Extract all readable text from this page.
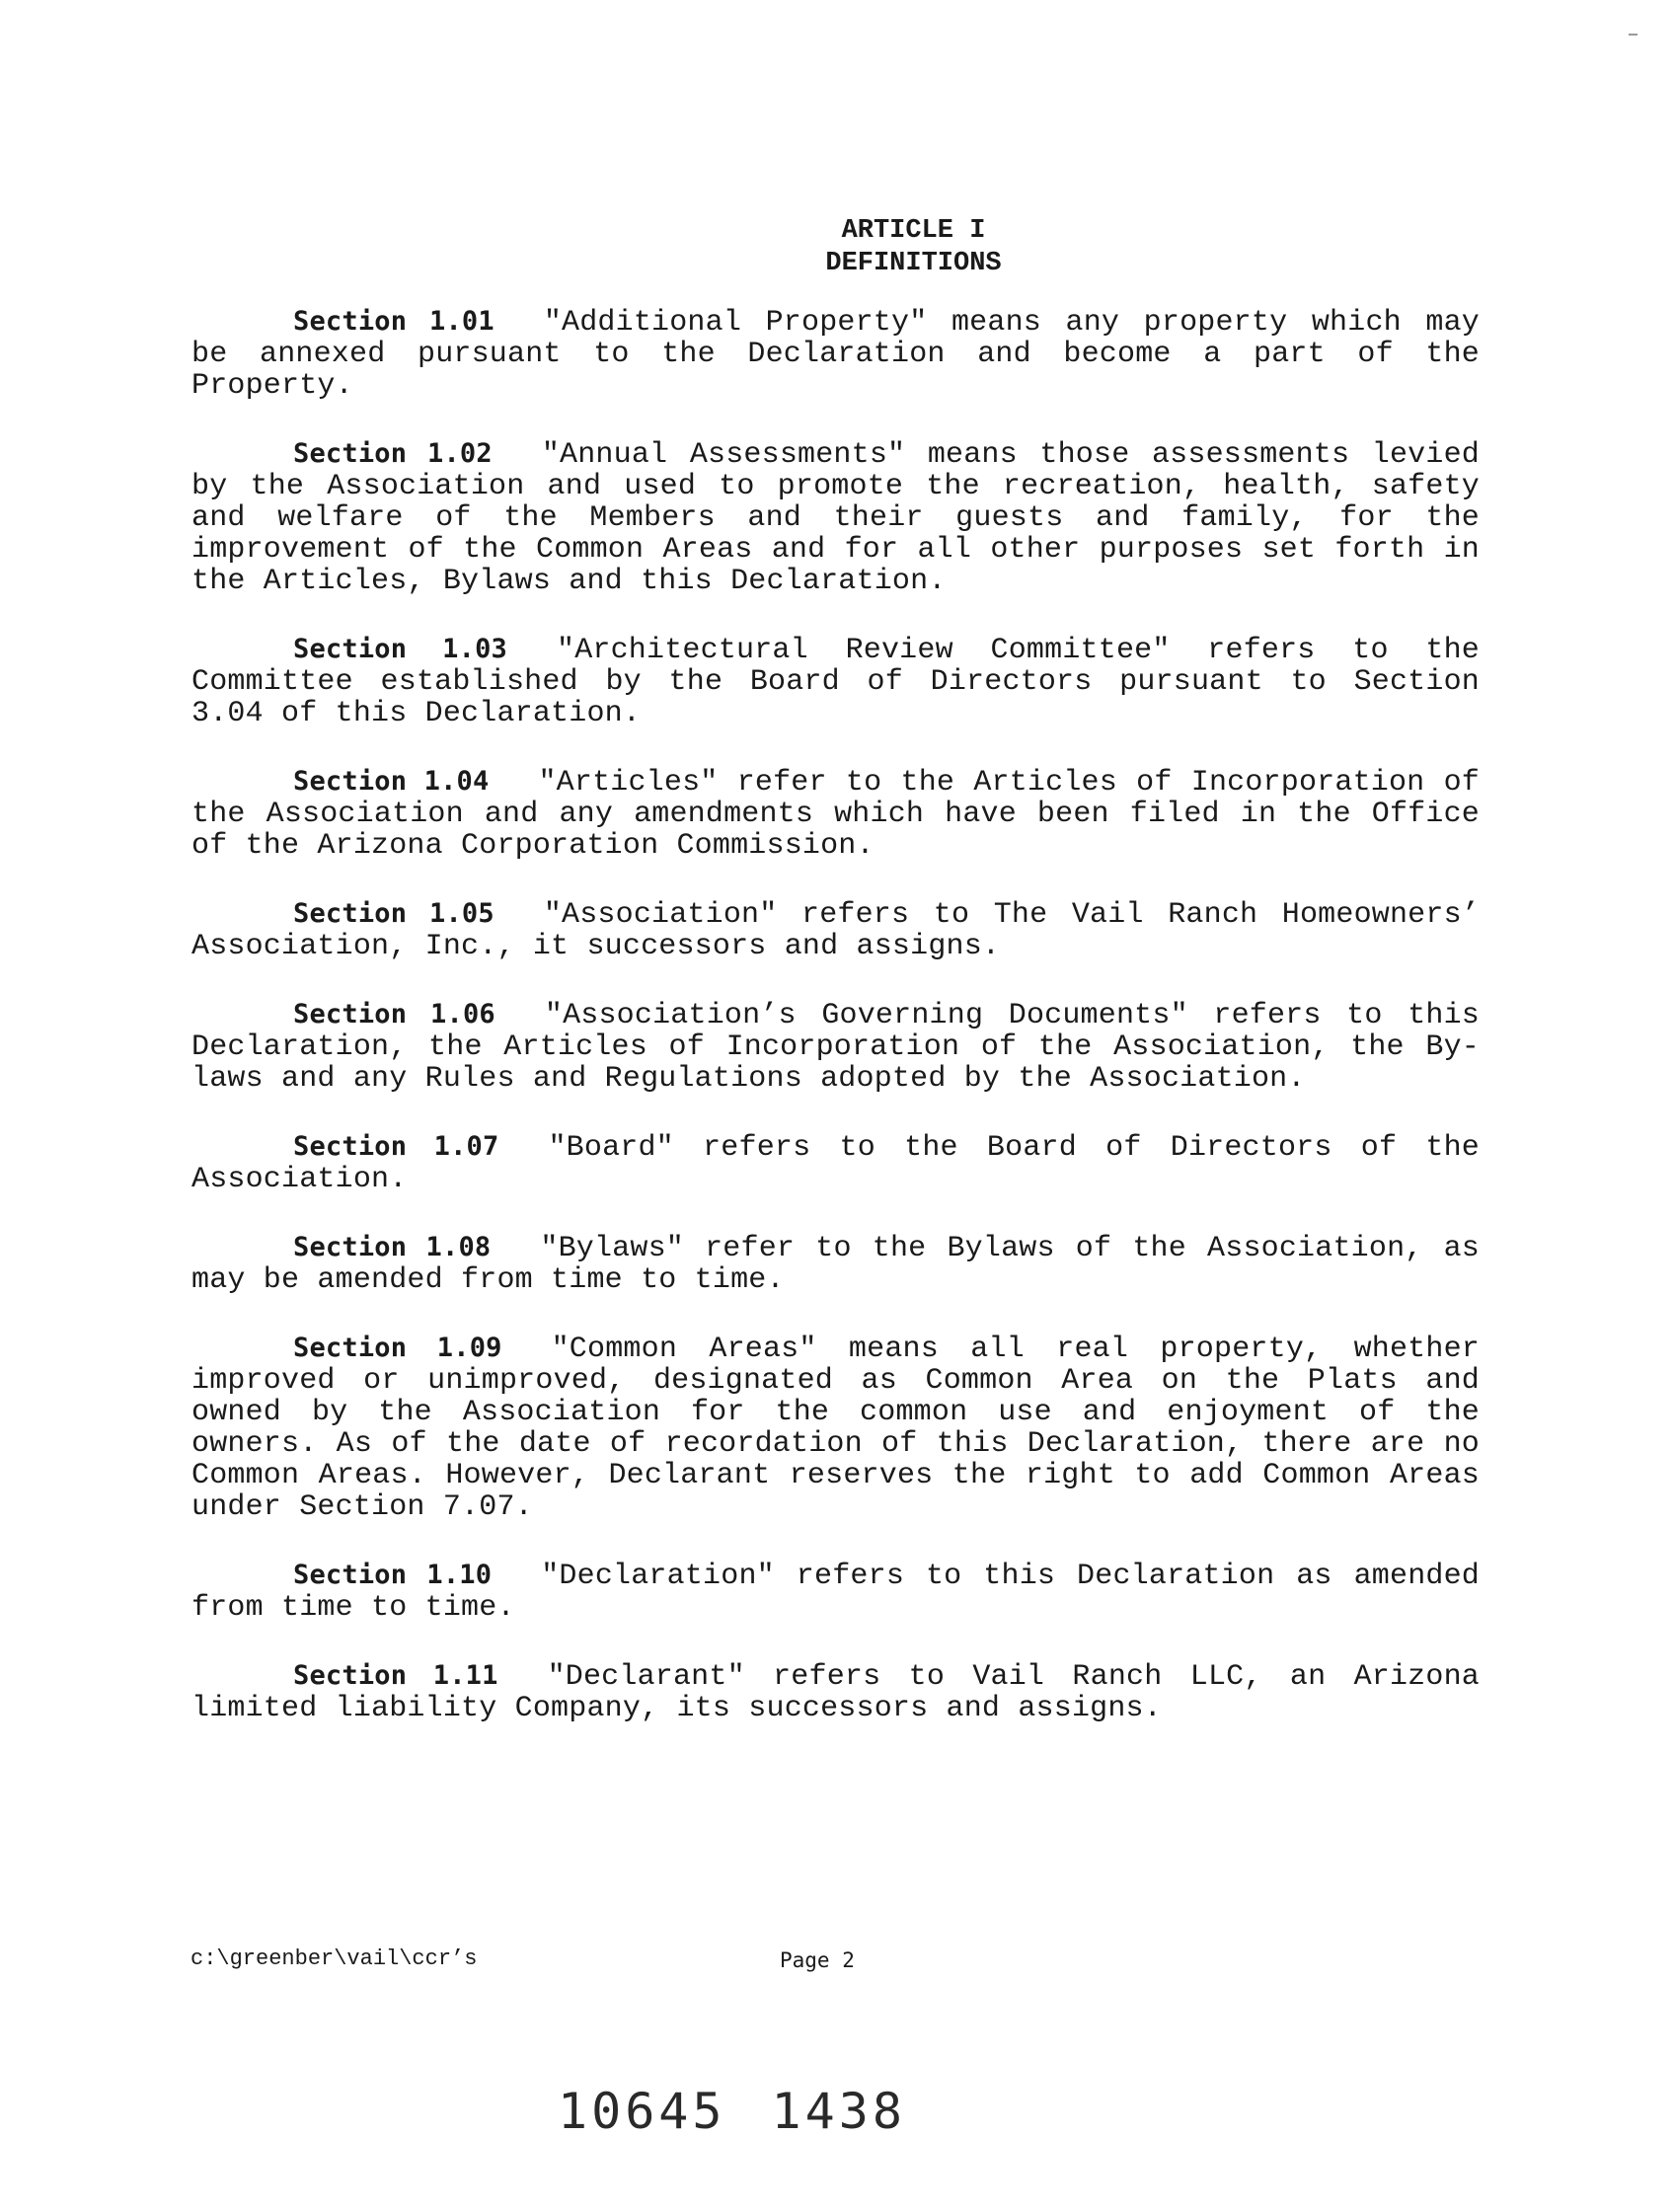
ARTICLE I
DEFINITIONS

Section 1.01 "Additional Property" means any property which may be annexed pursuant to the Declaration and become a part of the Property.

Section 1.02 "Annual Assessments" means those assessments levied by the Association and used to promote the recreation, health, safety and welfare of the Members and their guests and family, for the improvement of the Common Areas and for all other purposes set forth in the Articles, Bylaws and this Declaration.

Section 1.03 "Architectural Review Committee" refers to the Committee established by the Board of Directors pursuant to Section 3.04 of this Declaration.

Section 1.04 "Articles" refer to the Articles of Incorporation of the Association and any amendments which have been filed in the Office of the Arizona Corporation Commission.

Section 1.05 "Association" refers to The Vail Ranch Homeowners’ Association, Inc., it successors and assigns.

Section 1.06 "Association’s Governing Documents" refers to this Declaration, the Articles of Incorporation of the Association, the By-laws and any Rules and Regulations adopted by the Association.

Section 1.07 "Board" refers to the Board of Directors of the Association.

Section 1.08 "Bylaws" refer to the Bylaws of the Association, as may be amended from time to time.

Section 1.09 "Common Areas" means all real property, whether improved or unimproved, designated as Common Area on the Plats and owned by the Association for the common use and enjoyment of the owners. As of the date of recordation of this Declaration, there are no Common Areas. However, Declarant reserves the right to add Common Areas under Section 7.07.

Section 1.10 "Declaration" refers to this Declaration as amended from time to time.

Section 1.11 "Declarant" refers to Vail Ranch LLC, an Arizona limited liability Company, its successors and assigns.

c:\greenber\vail\ccr’s	Page 2
10645 1438
